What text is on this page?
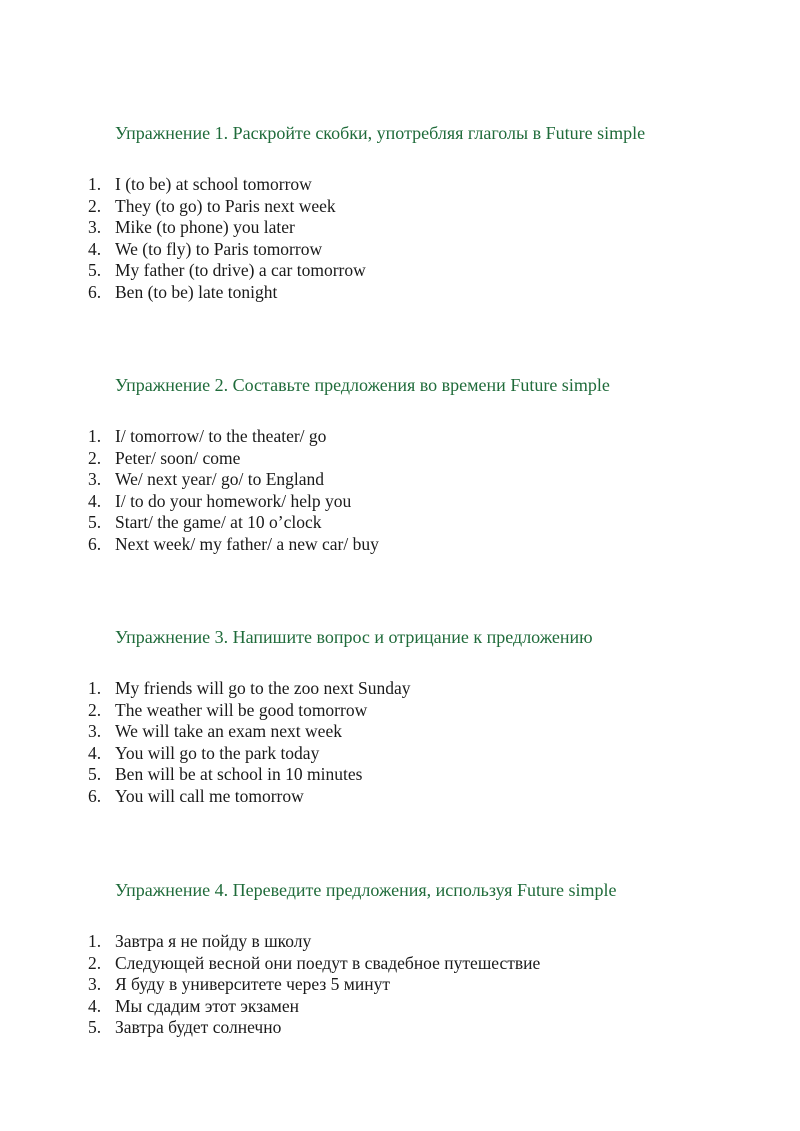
Упражнение 1. Раскройте скобки, употребляя глаголы в Future simple
1. I (to be) at school tomorrow
2. They (to go) to Paris next week
3. Mike (to phone) you later
4. We (to fly) to Paris tomorrow
5. My father (to drive) a car tomorrow
6. Ben (to be) late tonight
Упражнение 2. Составьте предложения во времени Future simple
1. I/ tomorrow/ to the theater/ go
2. Peter/ soon/ come
3. We/ next year/ go/ to England
4. I/ to do your homework/ help you
5. Start/ the game/ at 10 o’clock
6. Next week/ my father/ a new car/ buy
Упражнение 3. Напишите вопрос и отрицание к предложению
1. My friends will go to the zoo next Sunday
2. The weather will be good tomorrow
3. We will take an exam next week
4. You will go to the park today
5. Ben will be at school in 10 minutes
6. You will call me tomorrow
Упражнение 4. Переведите предложения, используя Future simple
1. Завтра я не пойду в школу
2. Следующей весной они поедут в свадебное путешествие
3. Я буду в университете через 5 минут
4. Мы сдадим этот экзамен
5. Завтра будет солнечно
